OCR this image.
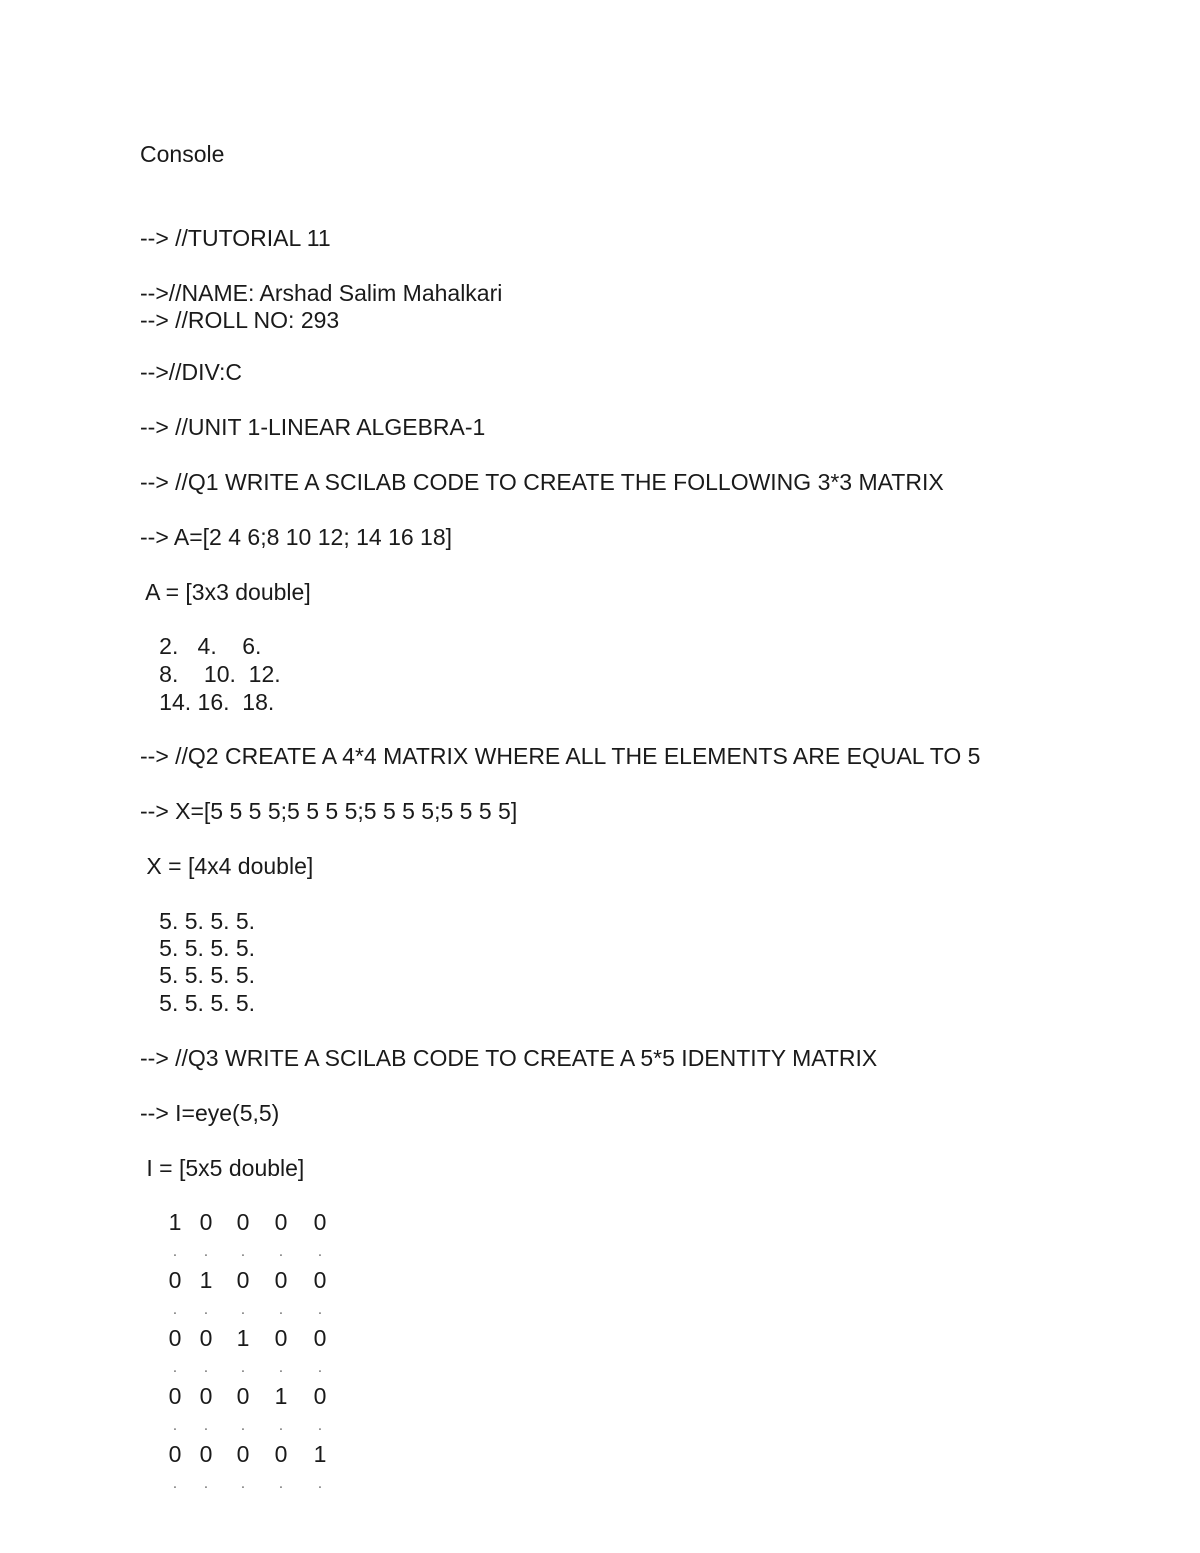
Console
--> //TUTORIAL 11
-->//NAME: Arshad Salim Mahalkari
--> //ROLL NO: 293
-->//DIV:C
--> //UNIT 1-LINEAR ALGEBRA-1
--> //Q1 WRITE A SCILAB CODE TO CREATE THE FOLLOWING 3*3 MATRIX
--> A=[2 4 6;8 10 12; 14 16 18]
A = [3x3 double]
2.   4.    6.
8.    10.  12.
14. 16.  18.
--> //Q2 CREATE A 4*4 MATRIX WHERE ALL THE ELEMENTS ARE EQUAL TO 5
--> X=[5 5 5 5;5 5 5 5;5 5 5 5;5 5 5 5]
X = [4x4 double]
5. 5. 5. 5.
5. 5. 5. 5.
5. 5. 5. 5.
5. 5. 5. 5.
--> //Q3 WRITE A SCILAB CODE TO CREATE A 5*5 IDENTITY MATRIX
--> I=eye(5,5)
I = [5x5 double]
1
.
0
.
0
.
0
.
0
.
0
.
1
.
0
.
0
.
0
.
0
.
0
.
1
.
0
.
0
.
0
.
0
.
0
.
1
.
0
.
0
.
0
.
0
.
0
.
1
.
